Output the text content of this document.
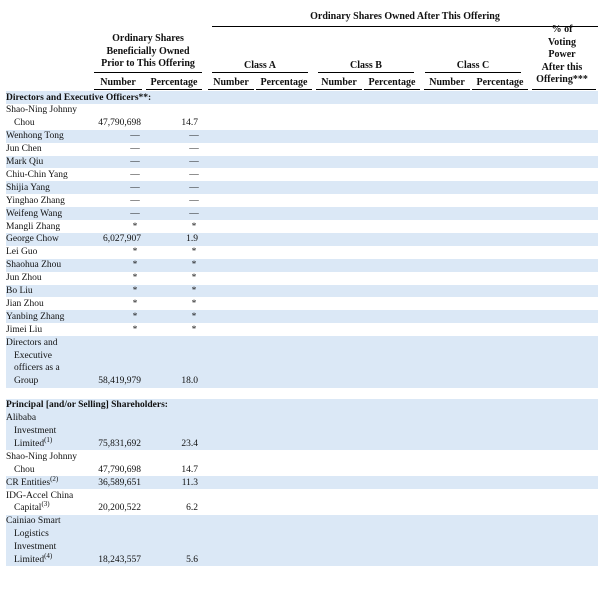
Ordinary Shares Owned After This Offering
Ordinary Shares
Beneficially Owned
Prior to This Offering	Class A	Class B	Class C
% of
Voting
Power
After this
Offering***
Number	Percentage	Number	Percentage	Number	Percentage	Number	Percentage
Directors and Executive Officers**:
Shao-Ning Johnny
Chou	47,790,698	14.7
Wenhong Tong	—	—
Jun Chen	—	—
Mark Qiu	—	—
Chiu-Chin Yang	—	—
Shijia Yang	—	—
Yinghao Zhang	—	—
Weifeng Wang	—	—
Mangli Zhang	*	*
George Chow	6,027,907	1.9
Lei Guo	*	*
Shaohua Zhou	*	*
Jun Zhou	*	*
Bo Liu	*	*
Jian Zhou	*	*
Yanbing Zhang	*	*
Jimei Liu	*	*
Directors and
Executive
officers as a
Group	58,419,979	18.0
Principal [and/or Selling] Shareholders:
Alibaba
Investment
Limited$^{(1)}$	75,831,692	23.4
Shao-Ning Johnny
Chou	47,790,698	14.7
CR Entities$^{(2)}$	36,589,651	11.3
IDG-Accel China
Capital$^{(3)}$	20,200,522	6.2
Cainiao Smart
Logistics
Investment
Limited$^{(4)}$	18,243,557	5.6
